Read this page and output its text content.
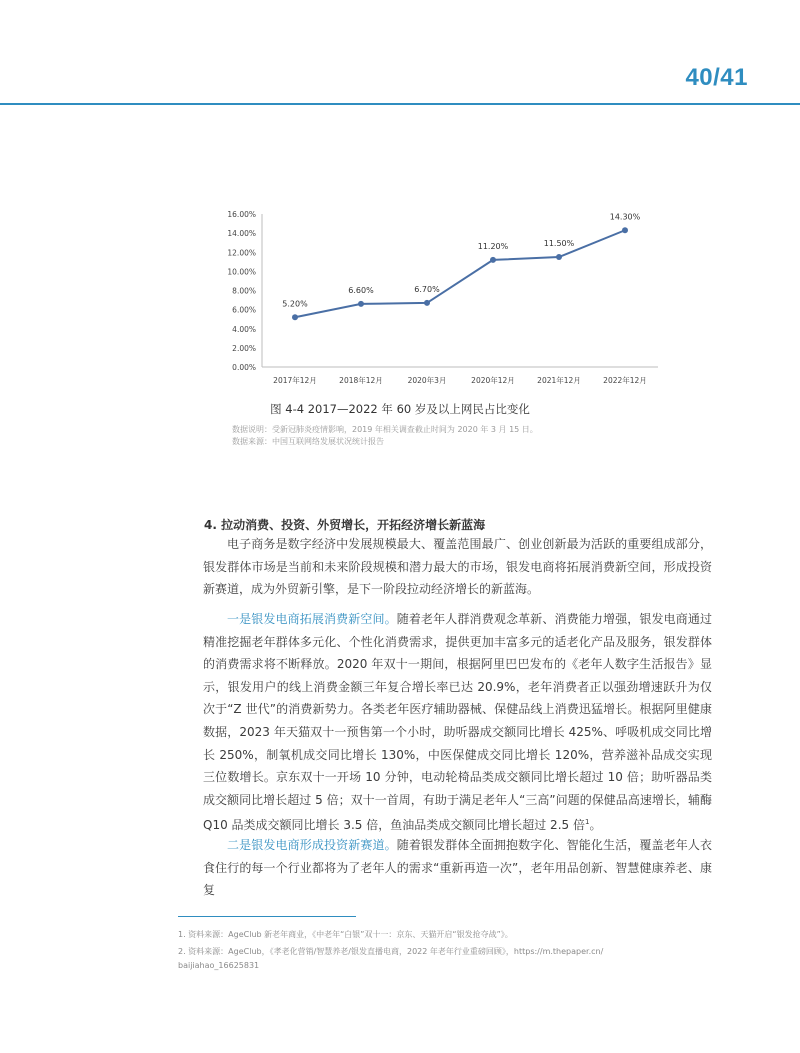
40/41
0.00%
2.00%
4.00%
6.00%
8.00%
10.00%
12.00%
14.00%
16.00%
2017年12月	2018年12月	2020年3月	2020年12月	2021年12月	2022年12月
5.20%
6.60%	6.70%
11.20%	11.50%
14.30%
图 4-4 2017—2022 年 60 岁及以上网民占比变化
数据说明：受新冠肺炎疫情影响，2019 年相关调查截止时间为 2020 年 3 月 15 日。
数据来源：中国互联网络发展状况统计报告
4. 拉动消费、投资、外贸增长，开拓经济增长新蓝海

电子商务是数字经济中发展规模最大、覆盖范围最广、创业创新最为活跃的重要组成部分，银发群体市场是当前和未来阶段规模和潜力最大的市场，银发电商将拓展消费新空间，形成投资新赛道，成为外贸新引擎，是下一阶段拉动经济增长的新蓝海。

一是银发电商拓展消费新空间。随着老年人群消费观念革新、消费能力增强，银发电商通过精准挖掘老年群体多元化、个性化消费需求，提供更加丰富多元的适老化产品及服务，银发群体的消费需求将不断释放。2020 年双十一期间，根据阿里巴巴发布的《老年人数字生活报告》显示，银发用户的线上消费金额三年复合增长率已达 20.9%，老年消费者正以强劲增速跃升为仅次于“Z 世代”的消费新势力。各类老年医疗辅助器械、保健品线上消费迅猛增长。根据阿里健康数据，2023 年天猫双十一预售第一个小时，助听器成交额同比增长 425%、呼吸机成交同比增长 250%，制氧机成交同比增长 130%，中医保健成交同比增长 120%，营养滋补品成交实现三位数增长。京东双十一开场 10 分钟，电动轮椅品类成交额同比增长超过 10 倍；助听器品类成交额同比增长超过 5 倍；双十一首周，有助于满足老年人“三高”问题的保健品高速增长，辅酶 Q10 品类成交额同比增长 3.5 倍，鱼油品类成交额同比增长超过 2.5 倍$^1$。

二是银发电商形成投资新赛道。随着银发群体全面拥抱数字化、智能化生活，覆盖老年人衣食住行的每一个行业都将为了老年人的需求“重新再造一次”，老年用品创新、智慧健康养老、康复

1. 资料来源：AgeClub 新老年商业，《中老年“白银”双十一：京东、天猫开启“银发抢夺战”》。
2. 资料来源：AgeClub，《孝老化营销/智慧养老/银发直播电商，2022 年老年行业重磅回顾》，https://m.thepaper.cn/
baijiahao_16625831
